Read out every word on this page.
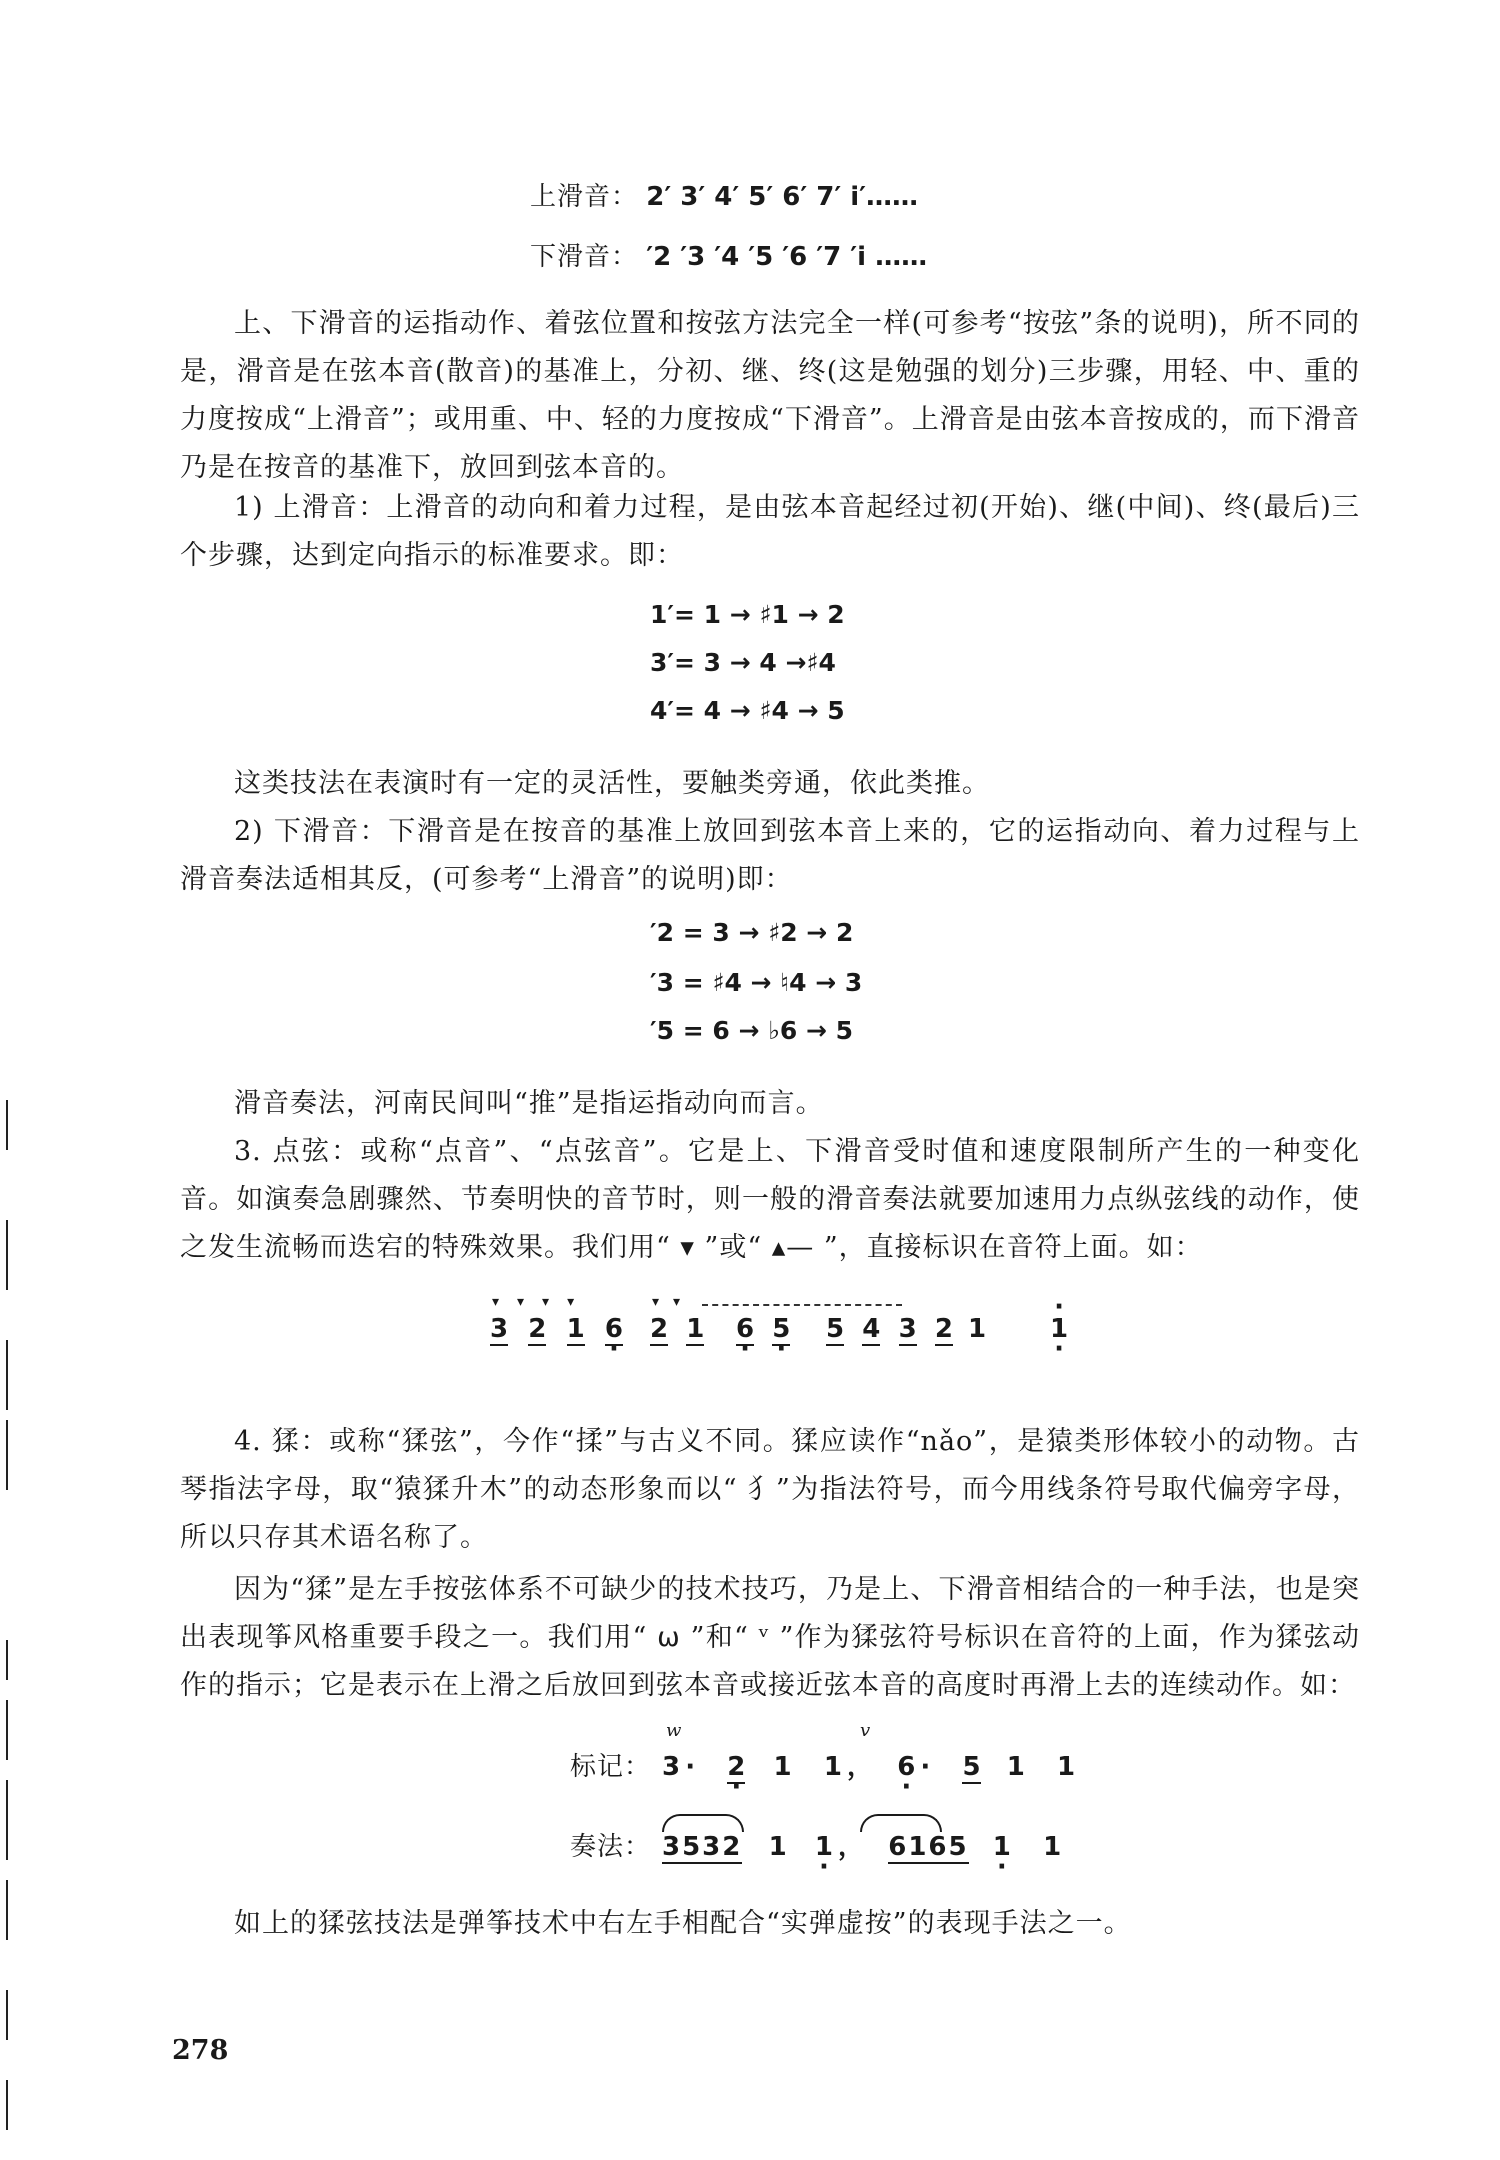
上滑音： 2′ 3′ 4′ 5′ 6′ 7′ i′……
下滑音： ′2 ′3 ′4 ′5 ′6 ′7 ′i ……
上、下滑音的运指动作、着弦位置和按弦方法完全一样(可参考“按弦”条的说明)，所不同的是，滑音是在弦本音(散音)的基准上，分初、继、终(这是勉强的划分)三步骤，用轻、中、重的力度按成“上滑音”；或用重、中、轻的力度按成“下滑音”。上滑音是由弦本音按成的，而下滑音乃是在按音的基准下，放回到弦本音的。
1) 上滑音：上滑音的动向和着力过程，是由弦本音起经过初(开始)、继(中间)、终(最后)三个步骤，达到定向指示的标准要求。即：
1′= 1 → ♯1 → 2
3′= 3 → 4 →♯4
4′= 4 → ♯4 → 5
这类技法在表演时有一定的灵活性，要触类旁通，依此类推。
2) 下滑音：下滑音是在按音的基准上放回到弦本音上来的，它的运指动向、着力过程与上滑音奏法适相其反，(可参考“上滑音”的说明)即：
′2 = 3 → ♯2 → 2
′3 = ♯4 → ♮4 → 3
′5 = 6 → ♭6 → 5
滑音奏法，河南民间叫“推”是指运指动向而言。
3. 点弦：或称“点音”、“点弦音”。它是上、下滑音受时值和速度限制所产生的一种变化音。如演奏急剧骤然、节奏明快的音节时，则一般的滑音奏法就要加速用力点纵弦线的动作，使之发生流畅而迭宕的特殊效果。我们用“ ▾ ”或“ ▴— ”，直接标识在音符上面。如：
▾▾▾▾	▾▾
3 2 1 6 · 2 1 6 · 5 · 5 4 3 2 1
· 1 ·
4. 猱：或称“猱弦”，今作“揉”与古义不同。猱应读作“nǎo”，是猿类形体较小的动物。古琴指法字母，取“猿猱升木”的动态形象而以“ 犭”为指法符号，而今用线条符号取代偏旁字母，所以只存其术语名称了。
因为“猱”是左手按弦体系不可缺少的技术技巧，乃是上、下滑音相结合的一种手法，也是突出表现筝风格重要手段之一。我们用“ ⍵ ”和“ ᵛ ”作为猱弦符号标识在音符的上面，作为猱弦动作的指示；它是表示在上滑之后放回到弦本音或接近弦本音的高度时再滑上去的连续动作。如：
标记：
w	v
3 · 2 · 1 1 ， 6 · · 5 1 1
奏法： 3532 1 1 · ， 6165 1 · 1
如上的猱弦技法是弹筝技术中右左手相配合“实弹虚按”的表现手法之一。
278
